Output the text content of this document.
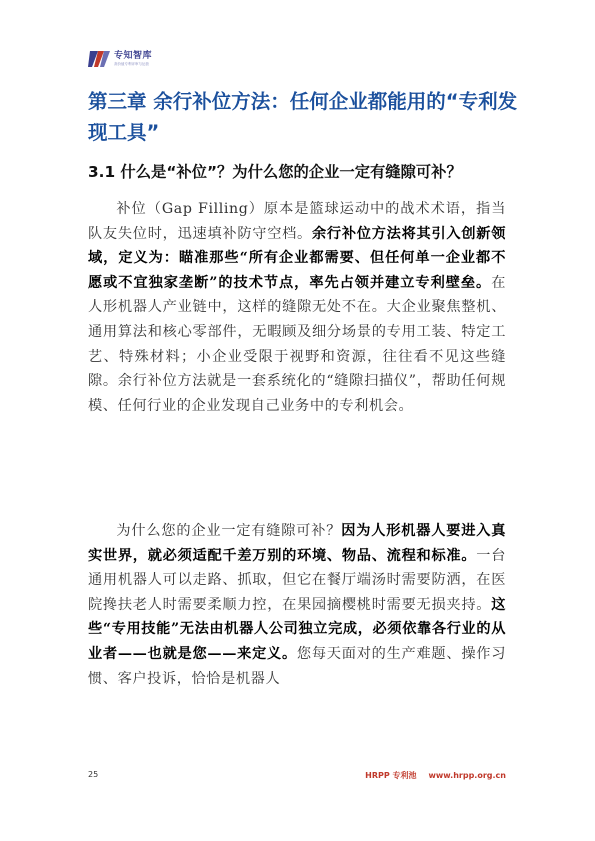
专知智库
高价值专利评审与运营
第三章 余行补位方法：任何企业都能用的“专利发现工具”
3.1 什么是“补位”？为什么您的企业一定有缝隙可补？

补位（Gap Filling）原本是篮球运动中的战术术语，指当队友失位时，迅速填补防守空档。余行补位方法将其引入创新领域，定义为：瞄准那些“所有企业都需要、但任何单一企业都不愿或不宜独家垄断”的技术节点，率先占领并建立专利壁垒。在人形机器人产业链中，这样的缝隙无处不在。大企业聚焦整机、通用算法和核心零部件，无暇顾及细分场景的专用工装、特定工艺、特殊材料；小企业受限于视野和资源，往往看不见这些缝隙。余行补位方法就是一套系统化的“缝隙扫描仪”，帮助任何规模、任何行业的企业发现自己业务中的专利机会。

为什么您的企业一定有缝隙可补？因为人形机器人要进入真实世界，就必须适配千差万别的环境、物品、流程和标准。一台通用机器人可以走路、抓取，但它在餐厅端汤时需要防洒，在医院搀扶老人时需要柔顺力控，在果园摘樱桃时需要无损夹持。这些“专用技能”无法由机器人公司独立完成，必须依靠各行业的从业者——也就是您——来定义。您每天面对的生产难题、操作习惯、客户投诉，恰恰是机器人

25	HRPP 专利池 www.hrpp.org.cn
